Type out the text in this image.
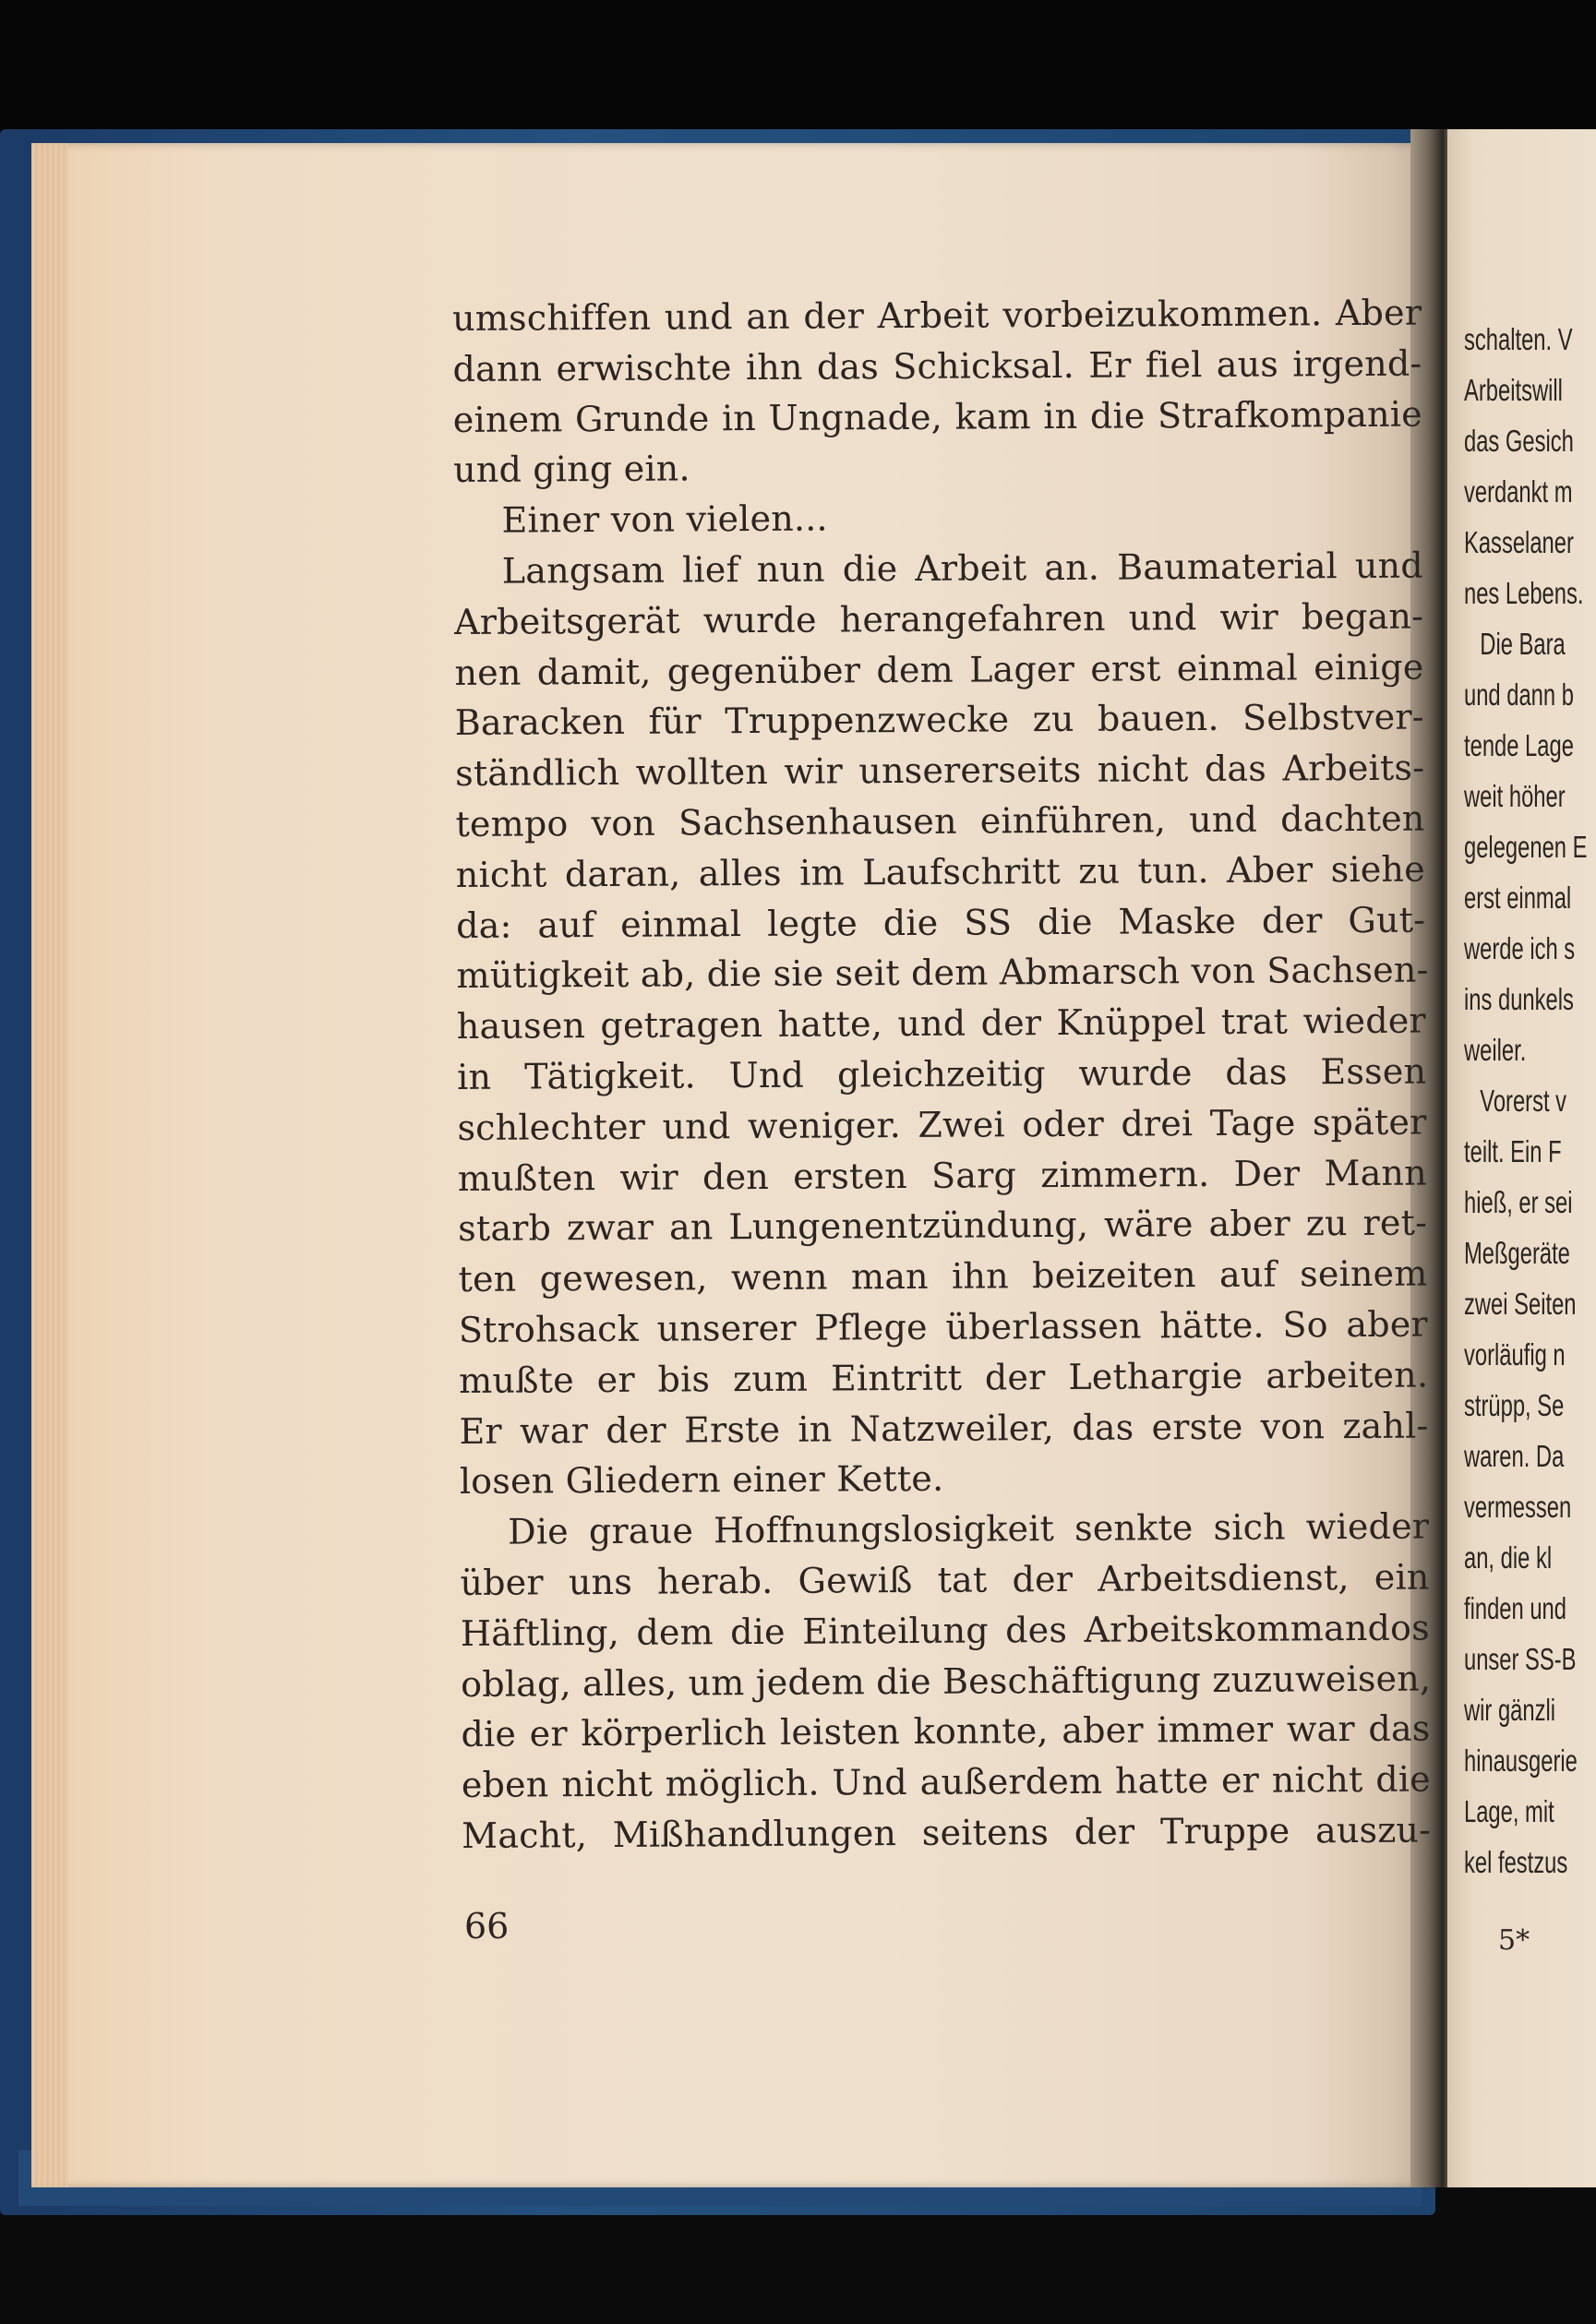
umschiffen und an der Arbeit vorbeizukommen. Aber
dann erwischte ihn das Schicksal. Er fiel aus irgend-
einem Grunde in Ungnade, kam in die Strafkompanie
und ging ein.
Einer von vielen...
Langsam lief nun die Arbeit an. Baumaterial und
Arbeitsgerät wurde herangefahren und wir began-
nen damit, gegenüber dem Lager erst einmal einige
Baracken für Truppenzwecke zu bauen. Selbstver-
ständlich wollten wir unsererseits nicht das Arbeits-
tempo von Sachsenhausen einführen, und dachten
nicht daran, alles im Laufschritt zu tun. Aber siehe
da: auf einmal legte die SS die Maske der Gut-
mütigkeit ab, die sie seit dem Abmarsch von Sachsen-
hausen getragen hatte, und der Knüppel trat wieder
in Tätigkeit. Und gleichzeitig wurde das Essen
schlechter und weniger. Zwei oder drei Tage später
mußten wir den ersten Sarg zimmern. Der Mann
starb zwar an Lungenentzündung, wäre aber zu ret-
ten gewesen, wenn man ihn beizeiten auf seinem
Strohsack unserer Pflege überlassen hätte. So aber
mußte er bis zum Eintritt der Lethargie arbeiten.
Er war der Erste in Natzweiler, das erste von zahl-
losen Gliedern einer Kette.
Die graue Hoffnungslosigkeit senkte sich wieder
über uns herab. Gewiß tat der Arbeitsdienst, ein
Häftling, dem die Einteilung des Arbeitskommandos
oblag, alles, um jedem die Beschäftigung zuzuweisen,
die er körperlich leisten konnte, aber immer war das
eben nicht möglich. Und außerdem hatte er nicht die
Macht, Mißhandlungen seitens der Truppe auszu-
66
schalten. V
Arbeitswill
das Gesich
verdankt m
Kasselaner
nes Lebens.
Die Bara
und dann b
tende Lage
weit höher
gelegenen E
erst einmal
werde ich s
ins dunkels
weiler.
Vorerst v
teilt. Ein F
hieß, er sei
Meßgeräte
zwei Seiten
vorläufig n
strüpp, Se
waren. Da
vermessen
an, die kl
finden und
unser SS-B
wir gänzli
hinausgerie
Lage, mit
kel festzus
5*
